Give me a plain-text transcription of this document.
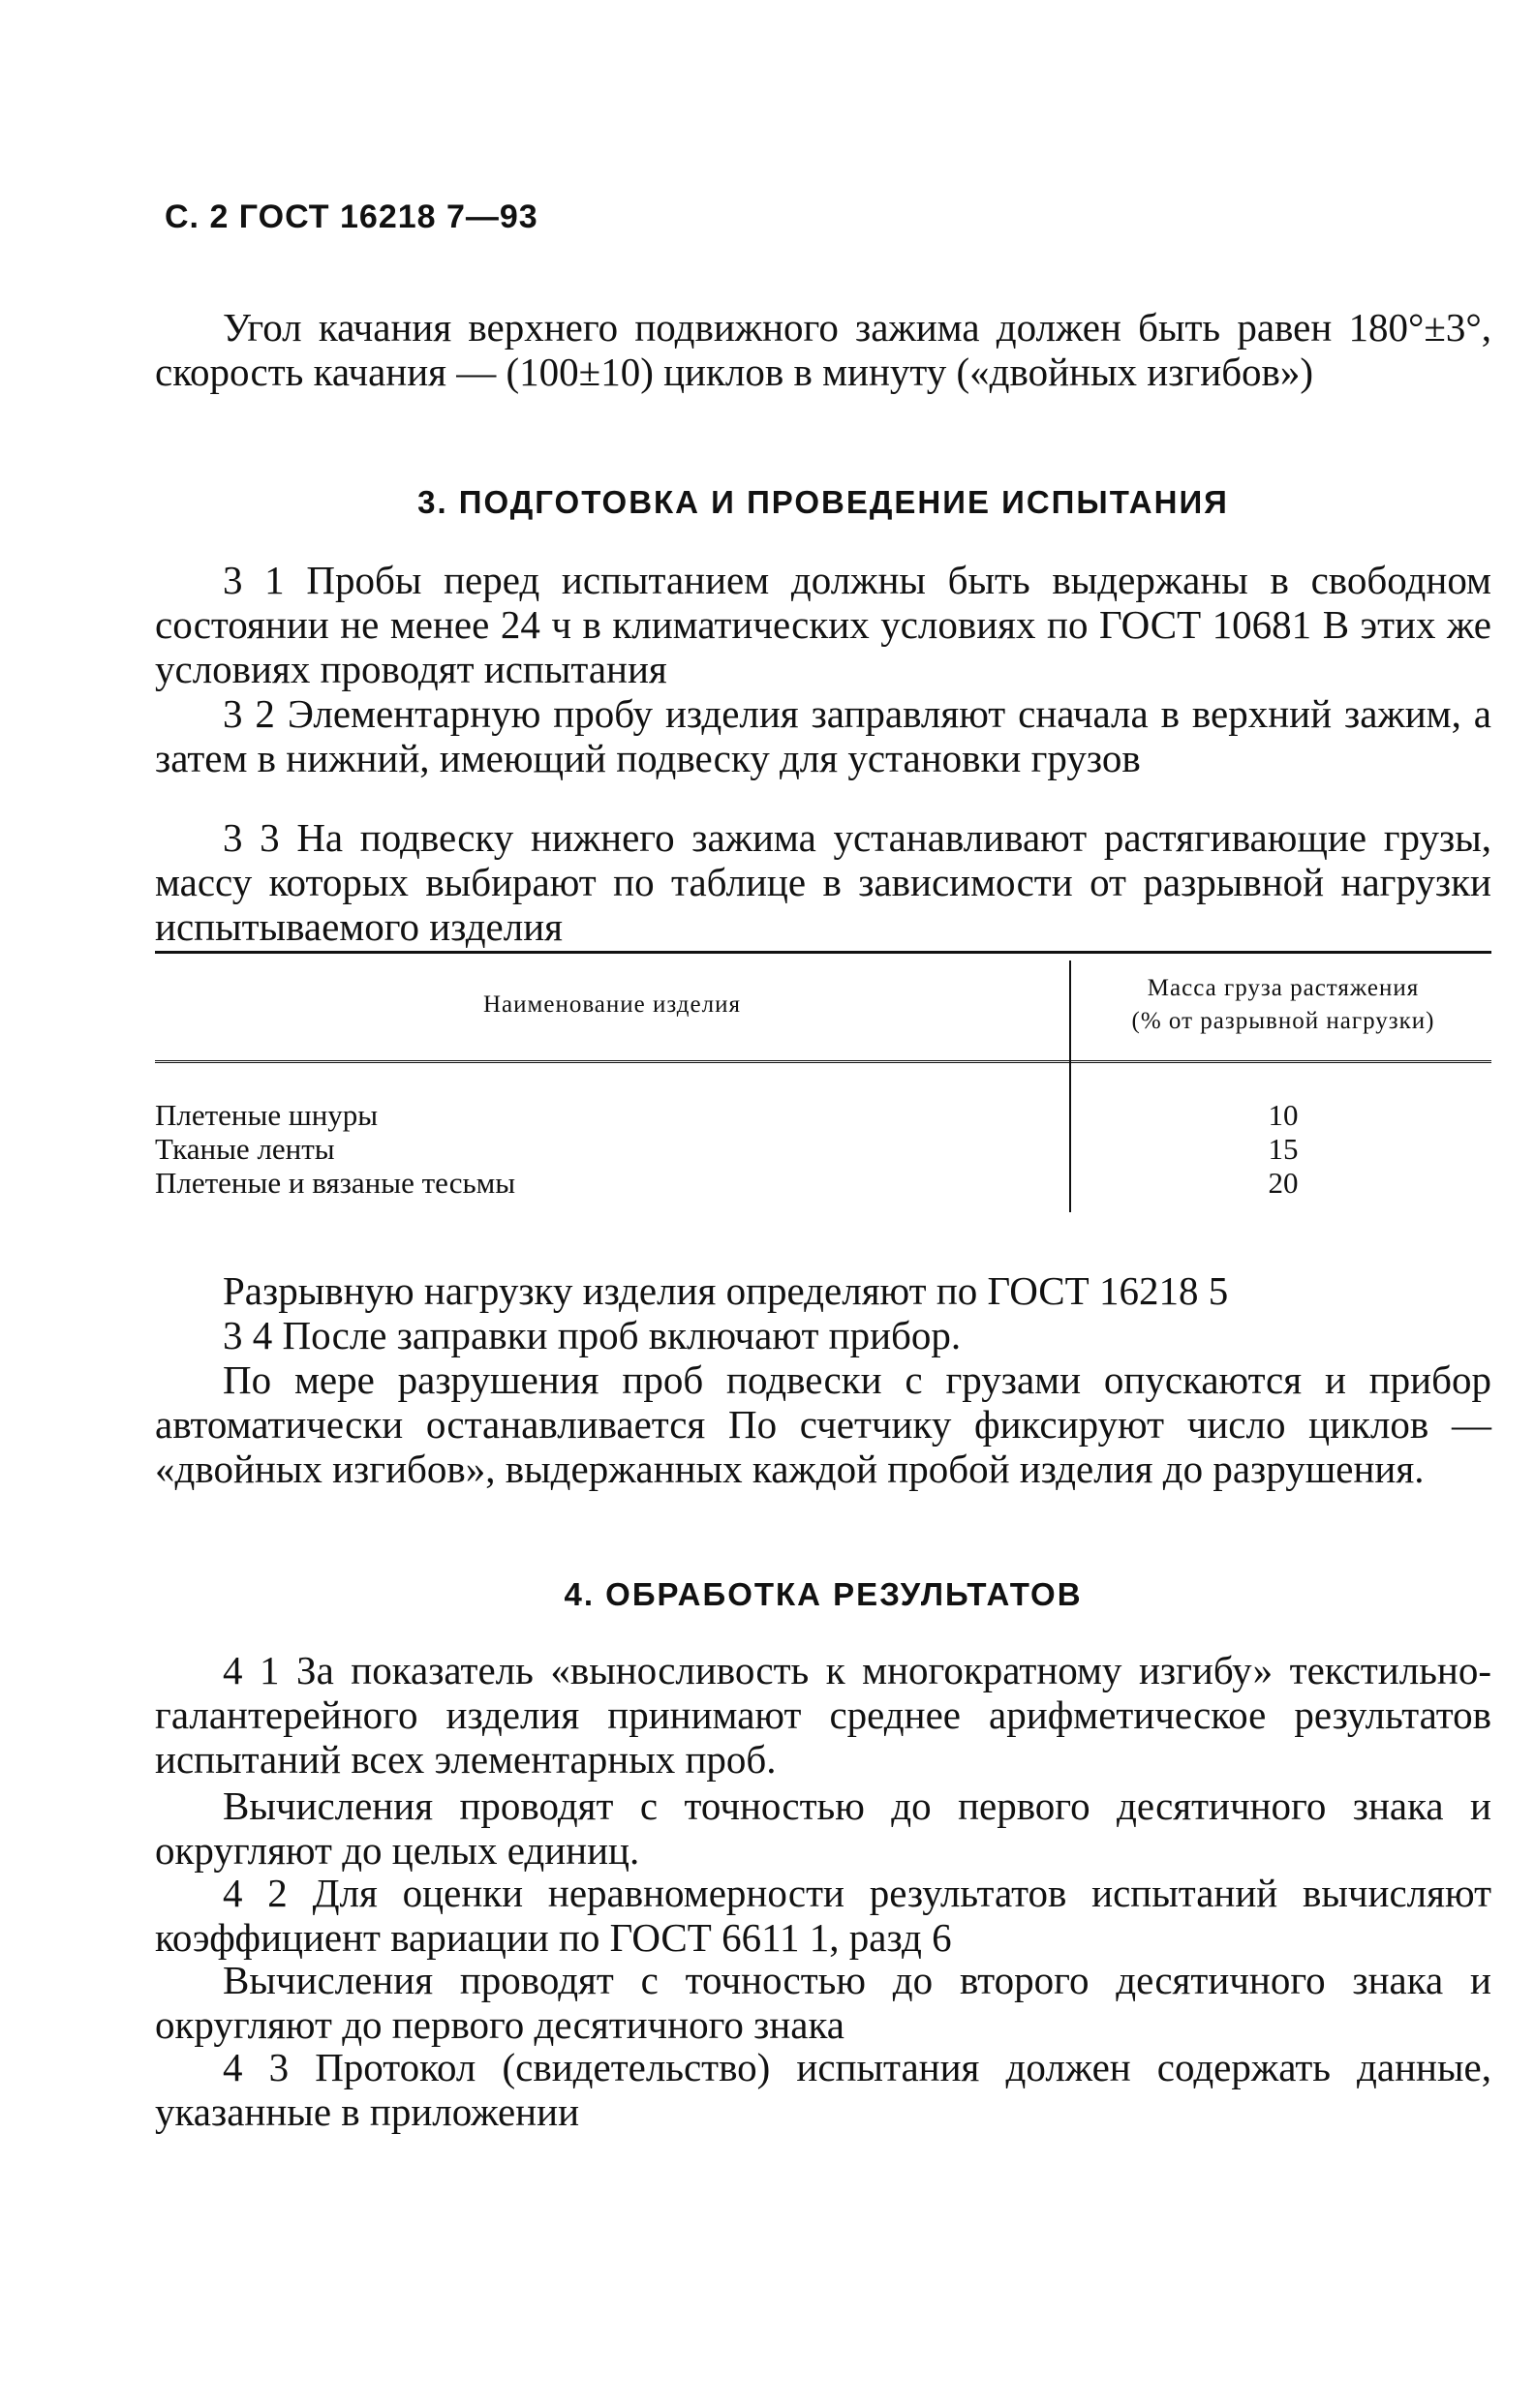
С. 2 ГОСТ 16218 7—93

Угол качания верхнего подвижного зажима должен быть равен 180°±3°, скорость качания — (100±10) циклов в минуту («двойных изгибов»)

3. ПОДГОТОВКА И ПРОВЕДЕНИЕ ИСПЫТАНИЯ

3 1 Пробы перед испытанием должны быть выдержаны в свободном состоянии не менее 24 ч в климатических условиях по ГОСТ 10681 В этих же условиях проводят испытания

3 2 Элементарную пробу изделия заправляют сначала в верхний зажим, а затем в нижний, имеющий подвеску для установки грузов

3 3 На подвеску нижнего зажима устанавливают растягивающие грузы, массу которых выбирают по таблице в зависимости от разрывной нагрузки испытываемого изделия

Наименование изделия
Масса груза растяжения
(% от разрывной нагрузки)
Плетеные шнуры
Тканые ленты
Плетеные и вязаные тесьмы
10
15
20

Разрывную нагрузку изделия определяют по ГОСТ 16218 5

3 4 После заправки проб включают прибор.

По мере разрушения проб подвески с грузами опускаются и прибор автоматически останавливается По счетчику фиксируют число циклов — «двойных изгибов», выдержанных каждой пробой изделия до разрушения.

4. ОБРАБОТКА РЕЗУЛЬТАТОВ

4 1 За показатель «выносливость к многократному изгибу» текстильно-галантерейного изделия принимают среднее арифметическое результатов испытаний всех элементарных проб.

Вычисления проводят с точностью до первого десятичного знака и округляют до целых единиц.

4 2 Для оценки неравномерности результатов испытаний вычисляют коэффициент вариации по ГОСТ 6611 1, разд 6

Вычисления проводят с точностью до второго десятичного знака и округляют до первого десятичного знака

4 3 Протокол (свидетельство) испытания должен содержать данные, указанные в приложении
